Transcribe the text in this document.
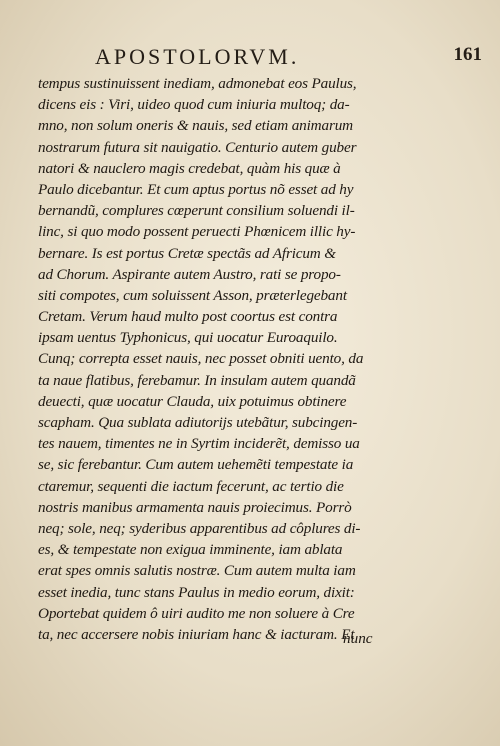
APOSTOLORVM.	161
tempus sustinuissent inediam, admonebat eos Paulus,
dicens eis : Viri, uideo quod cum iniuria multoq; da-
mno, non solum oneris & nauis, sed etiam animarum
nostrarum futura sit nauigatio. Centurio autem guber
natori & nauclero magis credebat, quàm his quæ à
Paulo dicebantur. Et cum aptus portus nõ esset ad hy
bernandũ, complures cœperunt consilium soluendi il-
linc, si quo modo possent peruecti Phœnicem illic hy-
bernare. Is est portus Cretæ spectãs ad Africum &
ad Chorum. Aspirante autem Austro, rati se propo-
siti compotes, cum soluissent Asson, præterlegebant
Cretam. Verum haud multo post coortus est contra
ipsam uentus Typhonicus, qui uocatur Euroaquilo.
Cunq; correpta esset nauis, nec posset obniti uento, da
ta naue flatibus, ferebamur. In insulam autem quandã
deuecti, quæ uocatur Clauda, uix potuimus obtinere
scapham. Qua sublata adiutorijs utebãtur, subcingen-
tes nauem, timentes ne in Syrtim inciderẽt, demisso ua
se, sic ferebantur. Cum autem uehemẽti tempestate ia
ctaremur, sequenti die iactum fecerunt, ac tertio die
nostris manibus armamenta nauis proiecimus. Porrò
neq; sole, neq; syderibus apparentibus ad côplures di-
es, & tempestate non exigua imminente, iam ablata
erat spes omnis salutis nostræ. Cum autem multa iam
esset inedia, tunc stans Paulus in medio eorum, dixit:
Oportebat quidem ô uiri audito me non soluere à Cre
ta, nec accersere nobis iniuriam hanc & iacturam. Et
nunc
